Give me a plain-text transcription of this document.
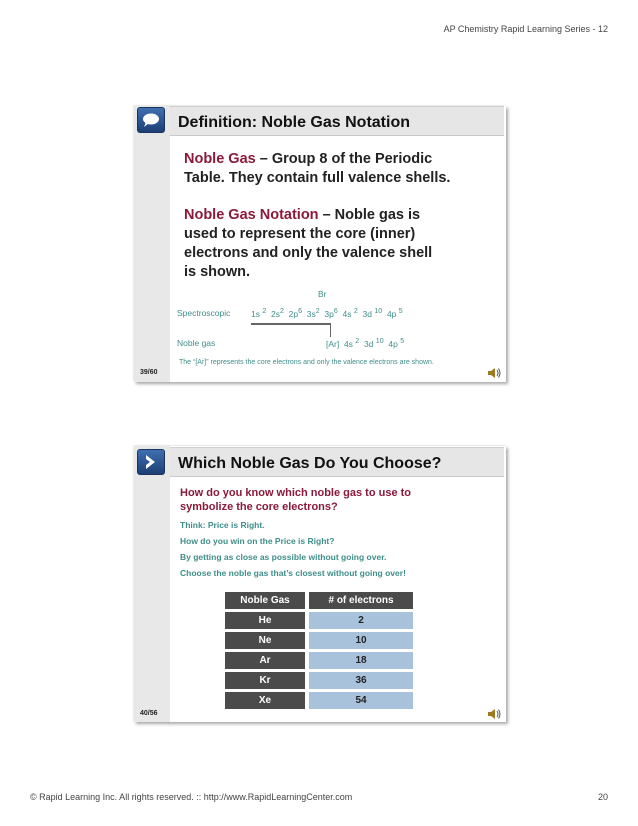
AP Chemistry Rapid Learning Series - 12
Definition: Noble Gas Notation
Noble Gas – Group 8 of the Periodic
Table. They contain full valence shells.
Noble Gas Notation – Noble gas is
used to represent the core (inner)
electrons and only the valence shell
is shown.
Br
Spectroscopic 1s $^2$  $2s^2$  $2p^6$  $3s^2$  $3p^6$  4s $^2$  3d $^{10}$  4p $^5$
Noble gas	[Ar]  4s $^2$  3d $^{10}$  4p $^5$
The “[Ar]” represents the core electrons and only the valence electrons are shown.
39/60
Which Noble Gas Do You Choose?
How do you know which noble gas to use to
symbolize the core electrons?
Think: Price is Right.
How do you win on the Price is Right?
By getting as close as possible without going over.
Choose the noble gas that’s closest without going over!
Noble Gas	# of electrons
He	2
Ne	10
Ar	18
Kr	36
Xe	54
40/56
© Rapid Learning Inc. All rights reserved. :: http://www.RapidLearningCenter.com	20
